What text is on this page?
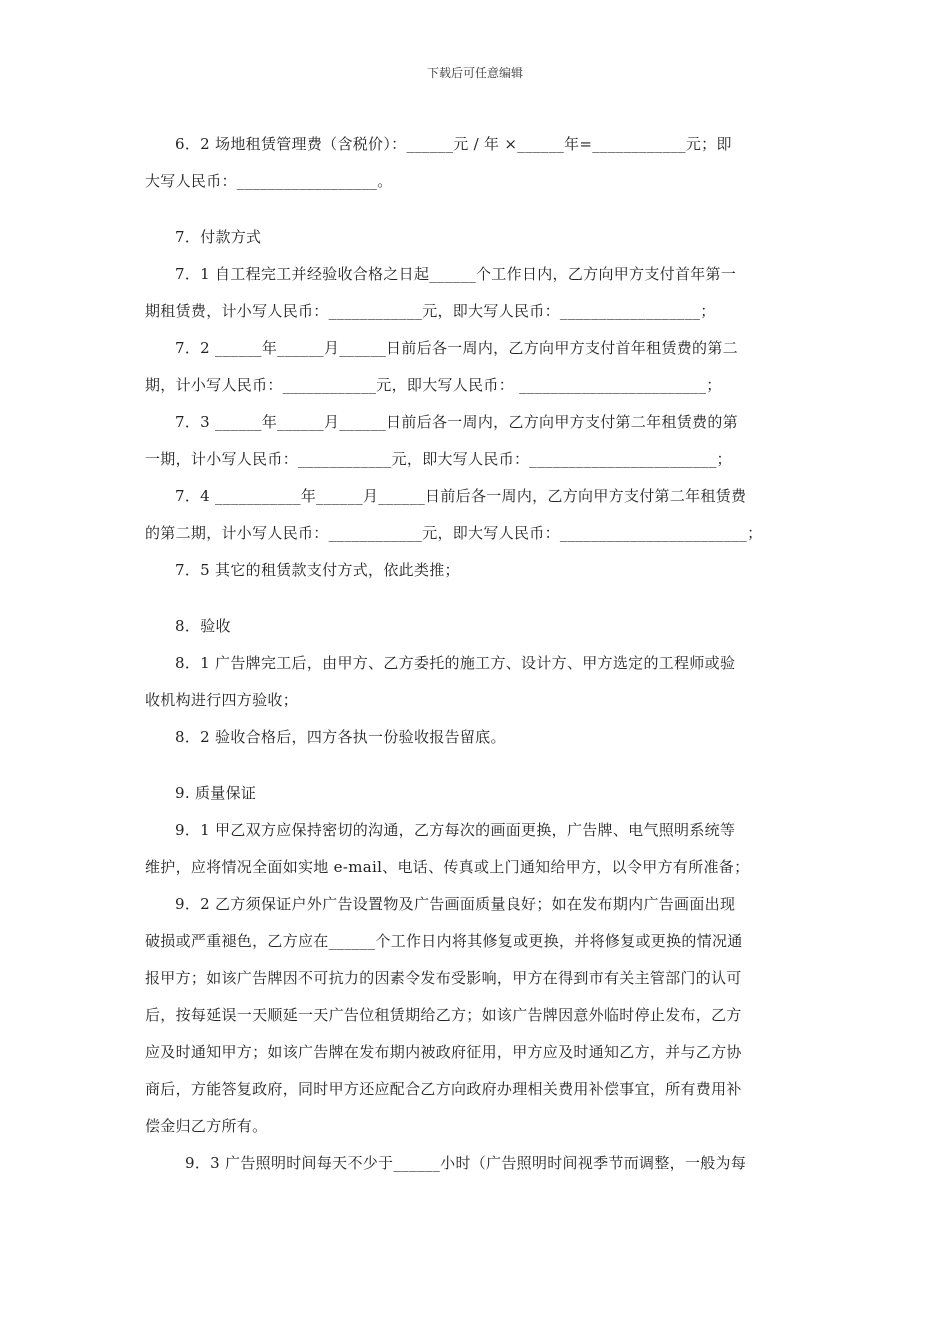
下载后可任意编辑
6．2 场地租赁管理费（含税价）：______元 / 年 ×______年=____________元；即
大写人民币：__________________。
7．付款方式
7．1 自工程完工并经验收合格之日起______个工作日内，乙方向甲方支付首年第一
期租赁费，计小写人民币：____________元，即大写人民币：__________________；
7．2 ______年______月______日前后各一周内，乙方向甲方支付首年租赁费的第二
期，计小写人民币：____________元，即大写人民币： ________________________；
7．3 ______年______月______日前后各一周内，乙方向甲方支付第二年租赁费的第
一期，计小写人民币：____________元，即大写人民币：________________________；
7．4 ___________年______月______日前后各一周内，乙方向甲方支付第二年租赁费
的第二期，计小写人民币：____________元，即大写人民币：________________________；
7．5 其它的租赁款支付方式，依此类推；
8．验收
8．1 广告牌完工后，由甲方、乙方委托的施工方、设计方、甲方选定的工程师或验
收机构进行四方验收；
8．2 验收合格后，四方各执一份验收报告留底。
9. 质量保证
9．1 甲乙双方应保持密切的沟通，乙方每次的画面更换，广告牌、电气照明系统等
维护，应将情况全面如实地 e-mail、电话、传真或上门通知给甲方，以令甲方有所准备；
9．2 乙方须保证户外广告设置物及广告画面质量良好；如在发布期内广告画面出现
破损或严重褪色，乙方应在______个工作日内将其修复或更换，并将修复或更换的情况通
报甲方；如该广告牌因不可抗力的因素令发布受影响，甲方在得到市有关主管部门的认可
后，按每延误一天顺延一天广告位租赁期给乙方；如该广告牌因意外临时停止发布，乙方
应及时通知甲方；如该广告牌在发布期内被政府征用，甲方应及时通知乙方，并与乙方协
商后，方能答复政府，同时甲方还应配合乙方向政府办理相关费用补偿事宜，所有费用补
偿金归乙方所有。
9．3 广告照明时间每天不少于______小时（广告照明时间视季节而调整，一般为每
